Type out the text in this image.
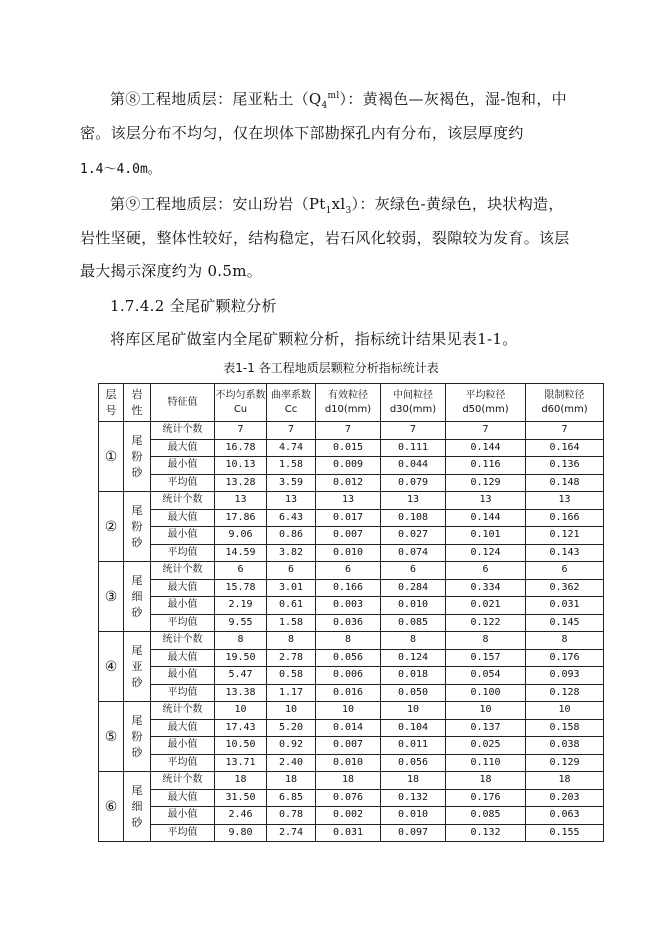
第⑧工程地质层：尾亚粘土$(Q_4^{ml})$：黄褐色—灰褐色，湿-饱和，中
密。该层分布不均匀，仅在坝体下部勘探孔内有分布，该层厚度约
1.4～4.0m。
第⑨工程地质层：安山玢岩$(Pt_1xl_3)$：灰绿色-黄绿色，块状构造，
岩性坚硬，整体性较好，结构稳定，岩石风化较弱，裂隙较为发育。该层
最大揭示深度约为 0.5m。
1.7.4.2 全尾矿颗粒分析
将库区尾矿做室内全尾矿颗粒分析，指标统计结果见表1-1。
表1-1 各工程地质层颗粒分析指标统计表
层号	岩性	特征值	不均匀系数Cu	曲率系数Cc	有效粒径d10(mm)	中间粒径d30(mm)	平均粒径d50(mm)	限制粒径d60(mm)
①	尾粉砂	统计个数	7	7	7	7	7	7
		最大值	16.78	4.74	0.015	0.111	0.144	0.164
		最小值	10.13	1.58	0.009	0.044	0.116	0.136
		平均值	13.28	3.59	0.012	0.079	0.129	0.148
②	尾粉砂	统计个数	13	13	13	13	13	13
		最大值	17.86	6.43	0.017	0.108	0.144	0.166
		最小值	9.06	0.86	0.007	0.027	0.101	0.121
		平均值	14.59	3.82	0.010	0.074	0.124	0.143
③	尾细砂	统计个数	6	6	6	6	6	6
		最大值	15.78	3.01	0.166	0.284	0.334	0.362
		最小值	2.19	0.61	0.003	0.010	0.021	0.031
		平均值	9.55	1.58	0.036	0.085	0.122	0.145
④	尾亚砂	统计个数	8	8	8	8	8	8
		最大值	19.50	2.78	0.056	0.124	0.157	0.176
		最小值	5.47	0.58	0.006	0.018	0.054	0.093
		平均值	13.38	1.17	0.016	0.050	0.100	0.128
⑤	尾粉砂	统计个数	10	10	10	10	10	10
		最大值	17.43	5.20	0.014	0.104	0.137	0.158
		最小值	10.50	0.92	0.007	0.011	0.025	0.038
		平均值	13.71	2.40	0.010	0.056	0.110	0.129
⑥	尾细砂	统计个数	18	18	18	18	18	18
		最大值	31.50	6.85	0.076	0.132	0.176	0.203
		最小值	2.46	0.78	0.002	0.010	0.085	0.063
		平均值	9.80	2.74	0.031	0.097	0.132	0.155
